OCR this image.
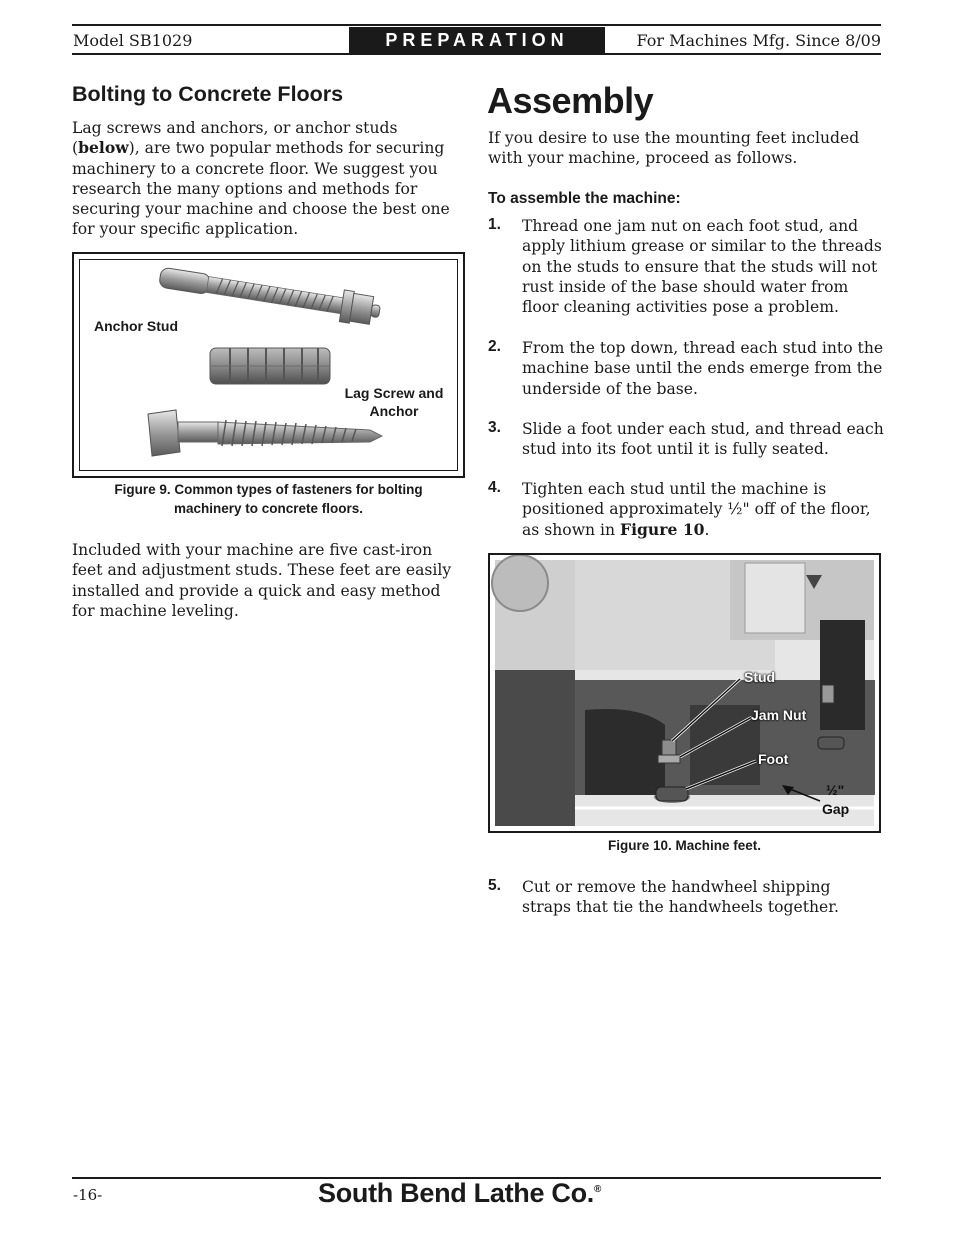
Model SB1029	PREPARATION	For Machines Mfg. Since 8/09
Bolting to Concrete Floors
Lag screws and anchors, or anchor studs (below), are two popular methods for securing machinery to a concrete floor. We suggest you research the many options and methods for securing your machine and choose the best one for your specific application.
Anchor Stud
Lag Screw and
Anchor
Figure 9. Common types of fasteners for bolting
machinery to concrete floors.
Included with your machine are five cast-iron feet and adjustment studs. These feet are easily installed and provide a quick and easy method for machine leveling.
Assembly
If you desire to use the mounting feet included with your machine, proceed as follows.
To assemble the machine:
1. Thread one jam nut on each foot stud, and apply lithium grease or similar to the threads on the studs to ensure that the studs will not rust inside of the base should water from floor cleaning activities pose a problem.
2. From the top down, thread each stud into the machine base until the ends emerge from the underside of the base.
3. Slide a foot under each stud, and thread each stud into its foot until it is fully seated.
4. Tighten each stud until the machine is positioned approximately ½" off of the floor, as shown in Figure 10.
Stud
Jam Nut
Foot
½"
Gap
Figure 10. Machine feet.
5. Cut or remove the handwheel shipping straps that tie the handwheels together.
-16-	South Bend Lathe Co.®
